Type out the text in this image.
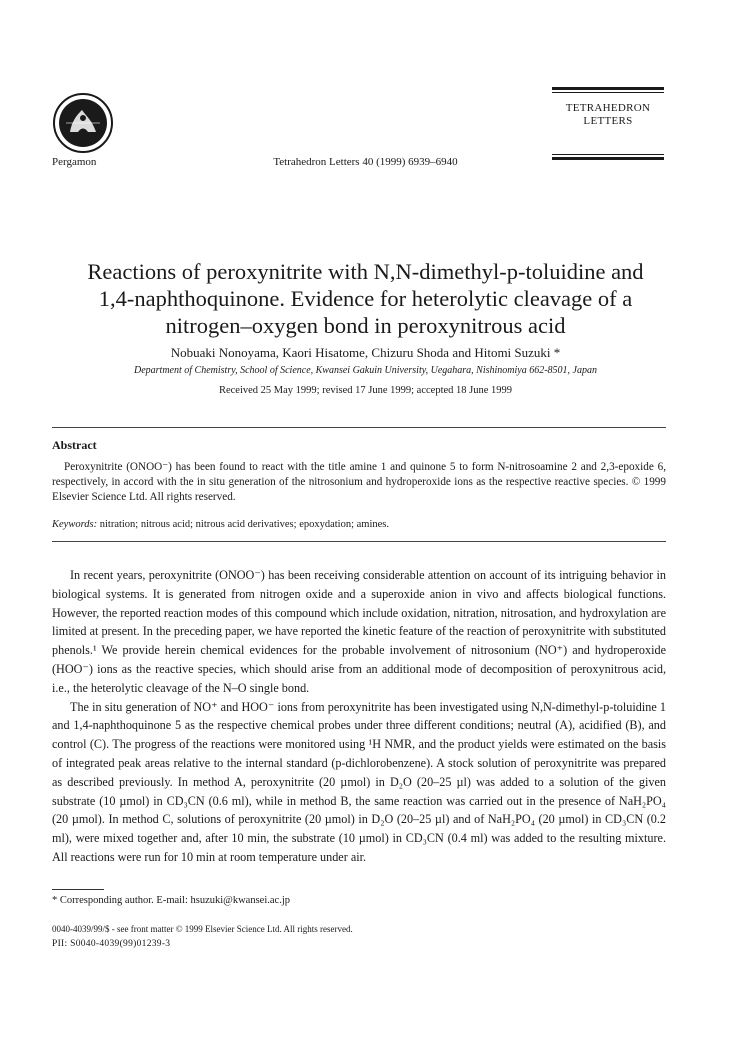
Pergamon	Tetrahedron Letters 40 (1999) 6939–6940
TETRAHEDRON
LETTERS
Reactions of peroxynitrite with N,N-dimethyl-p-toluidine and
1,4-naphthoquinone. Evidence for heterolytic cleavage of a
nitrogen–oxygen bond in peroxynitrous acid
Nobuaki Nonoyama, Kaori Hisatome, Chizuru Shoda and Hitomi Suzuki *
Department of Chemistry, School of Science, Kwansei Gakuin University, Uegahara, Nishinomiya 662-8501, Japan
Received 25 May 1999; revised 17 June 1999; accepted 18 June 1999
Abstract
Peroxynitrite (ONOO⁻) has been found to react with the title amine 1 and quinone 5 to form N-nitrosoamine 2 and 2,3-epoxide 6, respectively, in accord with the in situ generation of the nitrosonium and hydroperoxide ions as the respective reactive species. © 1999 Elsevier Science Ltd. All rights reserved.
Keywords: nitration; nitrous acid; nitrous acid derivatives; epoxydation; amines.

In recent years, peroxynitrite (ONOO⁻) has been receiving considerable attention on account of its intriguing behavior in biological systems. It is generated from nitrogen oxide and a superoxide anion in vivo and affects biological functions. However, the reported reaction modes of this compound which include oxidation, nitration, nitrosation, and hydroxylation are limited at present. In the preceding paper, we have reported the kinetic feature of the reaction of peroxynitrite with substituted phenols.¹ We provide herein chemical evidences for the probable involvement of nitrosonium (NO⁺) and hydroperoxide (HOO⁻) ions as the reactive species, which should arise from an additional mode of decomposition of peroxynitrous acid, i.e., the heterolytic cleavage of the N–O single bond.

The in situ generation of NO⁺ and HOO⁻ ions from peroxynitrite has been investigated using N,N-dimethyl-p-toluidine 1 and 1,4-naphthoquinone 5 as the respective chemical probes under three different conditions; neutral (A), acidified (B), and control (C). The progress of the reactions were monitored using ¹H NMR, and the product yields were estimated on the basis of integrated peak areas relative to the internal standard (p-dichlorobenzene). A stock solution of peroxynitrite was prepared as described previously. In method A, peroxynitrite (20 µmol) in D₂O (20–25 µl) was added to a solution of the given substrate (10 µmol) in CD₃CN (0.6 ml), while in method B, the same reaction was carried out in the presence of NaH₂PO₄ (20 µmol). In method C, solutions of peroxynitrite (20 µmol) in D₂O (20–25 µl) and of NaH₂PO₄ (20 µmol) in CD₃CN (0.2 ml), were mixed together and, after 10 min, the substrate (10 µmol) in CD₃CN (0.4 ml) was added to the resulting mixture. All reactions were run for 10 min at room temperature under air.

* Corresponding author. E-mail: hsuzuki@kwansei.ac.jp
0040-4039/99/$ - see front matter © 1999 Elsevier Science Ltd. All rights reserved.
PII: S0040-4039(99)01239-3
